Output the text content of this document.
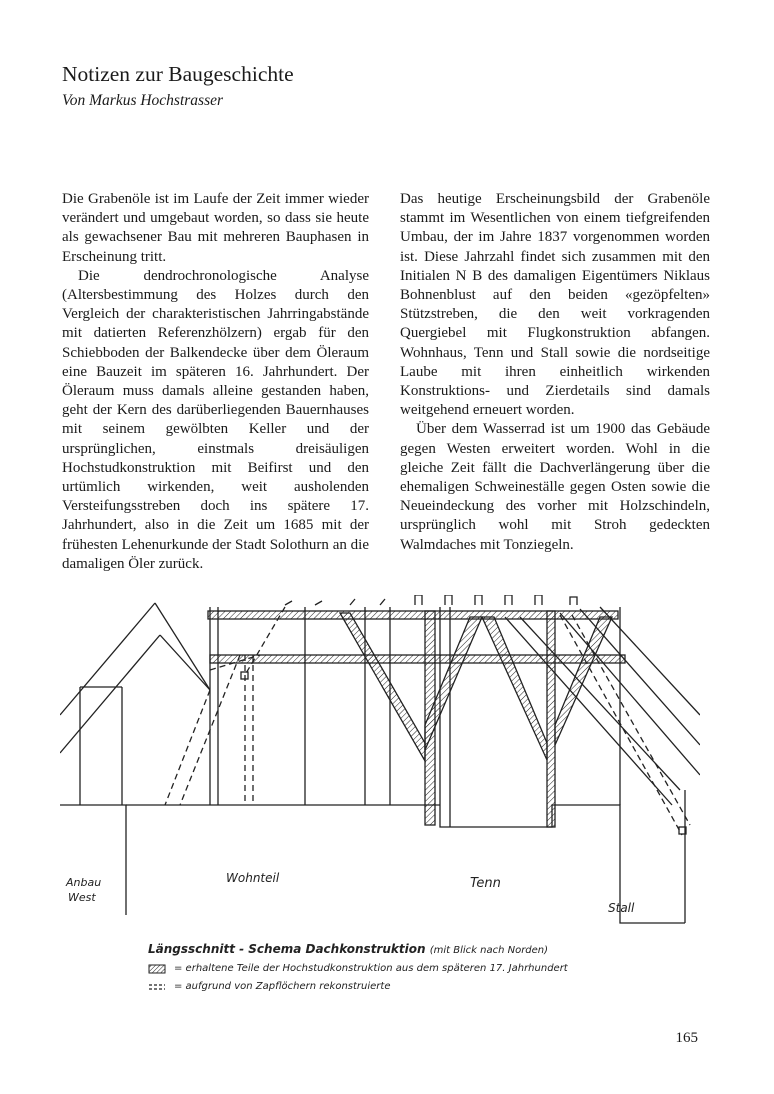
Notizen zur Baugeschichte

Von Markus Hochstrasser

Die Grabenöle ist im Laufe der Zeit immer wieder verändert und umgebaut worden, so dass sie heute als gewachsener Bau mit mehreren Bauphasen in Erscheinung tritt.

Die dendrochronologische Analyse (Altersbestimmung des Holzes durch den Vergleich der charakteristischen Jahrringabstände mit datierten Referenzhölzern) ergab für den Schiebboden der Balkendecke über dem Öleraum eine Bauzeit im späteren 16. Jahrhundert. Der Öleraum muss damals alleine gestanden haben, geht der Kern des darüberliegenden Bauernhauses mit seinem gewölbten Keller und der ursprünglichen, einstmals dreisäuligen Hochstudkonstruktion mit Beifirst und den urtümlich wirkenden, weit ausholenden Versteifungsstreben doch ins spätere 17. Jahrhundert, also in die Zeit um 1685 mit der frühesten Lehenurkunde der Stadt Solothurn an die damaligen Öler zurück.

Das heutige Erscheinungsbild der Grabenöle stammt im Wesentlichen von einem tiefgreifenden Umbau, der im Jahre 1837 vorgenommen worden ist. Diese Jahrzahl findet sich zusammen mit den Initialen N B des damaligen Eigentümers Niklaus Bohnenblust auf den beiden «gezöpfelten» Stützstreben, die den weit vorkragenden Quergiebel mit Flugkonstruktion abfangen. Wohnhaus, Tenn und Stall sowie die nordseitige Laube mit ihren einheitlich wirkenden Konstruktions- und Zierdetails sind damals weitgehend erneuert worden.

Über dem Wasserrad ist um 1900 das Gebäude gegen Westen erweitert worden. Wohl in die gleiche Zeit fällt die Dachverlängerung über die ehemaligen Schweineställe gegen Osten sowie die Neueindeckung des vorher mit Holzschindeln, ursprünglich wohl mit Stroh gedeckten Walmdaches mit Tonziegeln.

Anbau
West
Wohnteil	Tenn
Stall
Längsschnitt - Schema Dachkonstruktion (mit Blick nach Norden)
= erhaltene Teile der Hochstudkonstruktion aus dem späteren 17. Jahrhundert
= aufgrund von Zapflöchern rekonstruierte
165
